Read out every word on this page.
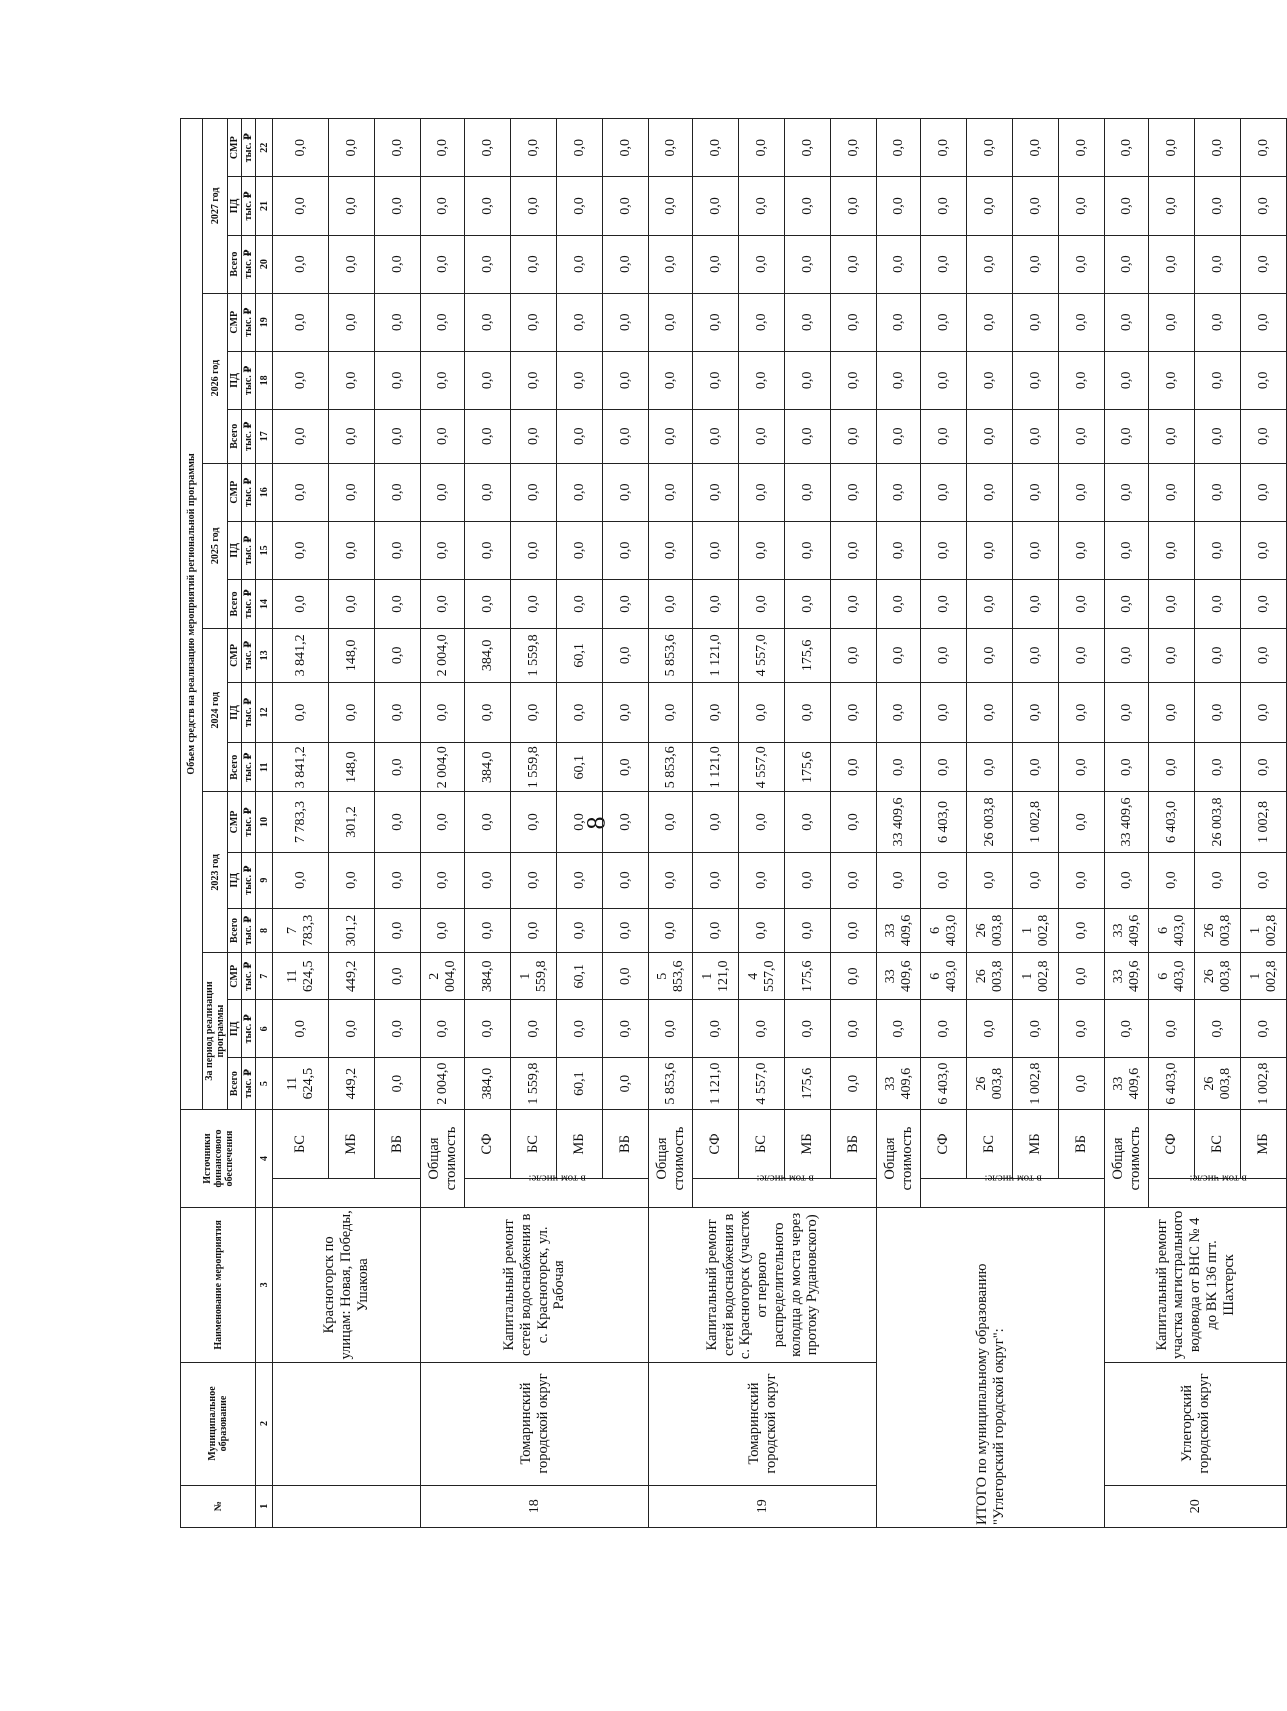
8
№	Муниципальное образование	Наименование мероприятия	Источники финансового обеспечения		Объем средств на реализацию мероприятий региональной программы																	
					За период реализации программы			2023 год			2024 год			2025 год			2026 год			2027 год		
					Всего	ПД	СМР	Всего	ПД	СМР	Всего	ПД	СМР	Всего	ПД	СМР	Всего	ПД	СМР	Всего	ПД	СМР
					тыс. ₽	тыс. ₽	тыс. ₽	тыс. ₽	тыс. ₽	тыс. ₽	тыс. ₽	тыс. ₽	тыс. ₽	тыс. ₽	тыс. ₽	тыс. ₽	тыс. ₽	тыс. ₽	тыс. ₽	тыс. ₽	тыс. ₽	тыс. ₽
1	2	3	4		5	6	7	8	9	10	11	12	13	14	15	16	17	18	19	20	21	22
		Красногорск по улицам: Новая, Победы, Ушакова		БС	11 624,5	0,0	11 624,5	7 783,3	0,0	7 783,3	3 841,2	0,0	3 841,2	0,0	0,0	0,0	0,0	0,0	0,0	0,0	0,0	0,0
				МБ	449,2	0,0	449,2	301,2	0,0	301,2	148,0	0,0	148,0	0,0	0,0	0,0	0,0	0,0	0,0	0,0	0,0	0,0
				ВБ	0,0	0,0	0,0	0,0	0,0	0,0	0,0	0,0	0,0	0,0	0,0	0,0	0,0	0,0	0,0	0,0	0,0	0,0
18	Томаринский городской округ	Капитальный ремонт сетей водоснабжения в с. Красногорск, ул. Рабочая	Общая стоимость		2 004,0	0,0	2 004,0	0,0	0,0	0,0	2 004,0	0,0	2 004,0	0,0	0,0	0,0	0,0	0,0	0,0	0,0	0,0	0,0
			в том числе:	СФ	384,0	0,0	384,0	0,0	0,0	0,0	384,0	0,0	384,0	0,0	0,0	0,0	0,0	0,0	0,0	0,0	0,0	0,0
				БС	1 559,8	0,0	1 559,8	0,0	0,0	0,0	1 559,8	0,0	1 559,8	0,0	0,0	0,0	0,0	0,0	0,0	0,0	0,0	0,0
				МБ	60,1	0,0	60,1	0,0	0,0	0,0	60,1	0,0	60,1	0,0	0,0	0,0	0,0	0,0	0,0	0,0	0,0	0,0
				ВБ	0,0	0,0	0,0	0,0	0,0	0,0	0,0	0,0	0,0	0,0	0,0	0,0	0,0	0,0	0,0	0,0	0,0	0,0
19	Томаринский городской округ	Капитальный ремонт сетей водоснабжения в с. Красногорск (участок от первого распределительного колодца до моста через протоку Рудановского)	Общая стоимость		5 853,6	0,0	5 853,6	0,0	0,0	0,0	5 853,6	0,0	5 853,6	0,0	0,0	0,0	0,0	0,0	0,0	0,0	0,0	0,0
			в том числе:	СФ	1 121,0	0,0	1 121,0	0,0	0,0	0,0	1 121,0	0,0	1 121,0	0,0	0,0	0,0	0,0	0,0	0,0	0,0	0,0	0,0
				БС	4 557,0	0,0	4 557,0	0,0	0,0	0,0	4 557,0	0,0	4 557,0	0,0	0,0	0,0	0,0	0,0	0,0	0,0	0,0	0,0
				МБ	175,6	0,0	175,6	0,0	0,0	0,0	175,6	0,0	175,6	0,0	0,0	0,0	0,0	0,0	0,0	0,0	0,0	0,0
				ВБ	0,0	0,0	0,0	0,0	0,0	0,0	0,0	0,0	0,0	0,0	0,0	0,0	0,0	0,0	0,0	0,0	0,0	0,0
ИТОГО по муниципальному образованию "Углегорский городской округ":			Общая стоимость		33 409,6	0,0	33 409,6	33 409,6	0,0	33 409,6	0,0	0,0	0,0	0,0	0,0	0,0	0,0	0,0	0,0	0,0	0,0	0,0
			в том числе:	СФ	6 403,0	0,0	6 403,0	6 403,0	0,0	6 403,0	0,0	0,0	0,0	0,0	0,0	0,0	0,0	0,0	0,0	0,0	0,0	0,0
				БС	26 003,8	0,0	26 003,8	26 003,8	0,0	26 003,8	0,0	0,0	0,0	0,0	0,0	0,0	0,0	0,0	0,0	0,0	0,0	0,0
				МБ	1 002,8	0,0	1 002,8	1 002,8	0,0	1 002,8	0,0	0,0	0,0	0,0	0,0	0,0	0,0	0,0	0,0	0,0	0,0	0,0
				ВБ	0,0	0,0	0,0	0,0	0,0	0,0	0,0	0,0	0,0	0,0	0,0	0,0	0,0	0,0	0,0	0,0	0,0	0,0
20	Углегорский городской округ	Капитальный ремонт участка магистрального водовода от ВНС № 4 до ВК 136 пгт. Шахтерск	Общая стоимость		33 409,6	0,0	33 409,6	33 409,6	0,0	33 409,6	0,0	0,0	0,0	0,0	0,0	0,0	0,0	0,0	0,0	0,0	0,0	0,0
			в том числе:	СФ	6 403,0	0,0	6 403,0	6 403,0	0,0	6 403,0	0,0	0,0	0,0	0,0	0,0	0,0	0,0	0,0	0,0	0,0	0,0	0,0
				БС	26 003,8	0,0	26 003,8	26 003,8	0,0	26 003,8	0,0	0,0	0,0	0,0	0,0	0,0	0,0	0,0	0,0	0,0	0,0	0,0
				МБ	1 002,8	0,0	1 002,8	1 002,8	0,0	1 002,8	0,0	0,0	0,0	0,0	0,0	0,0	0,0	0,0	0,0	0,0	0,0	0,0
